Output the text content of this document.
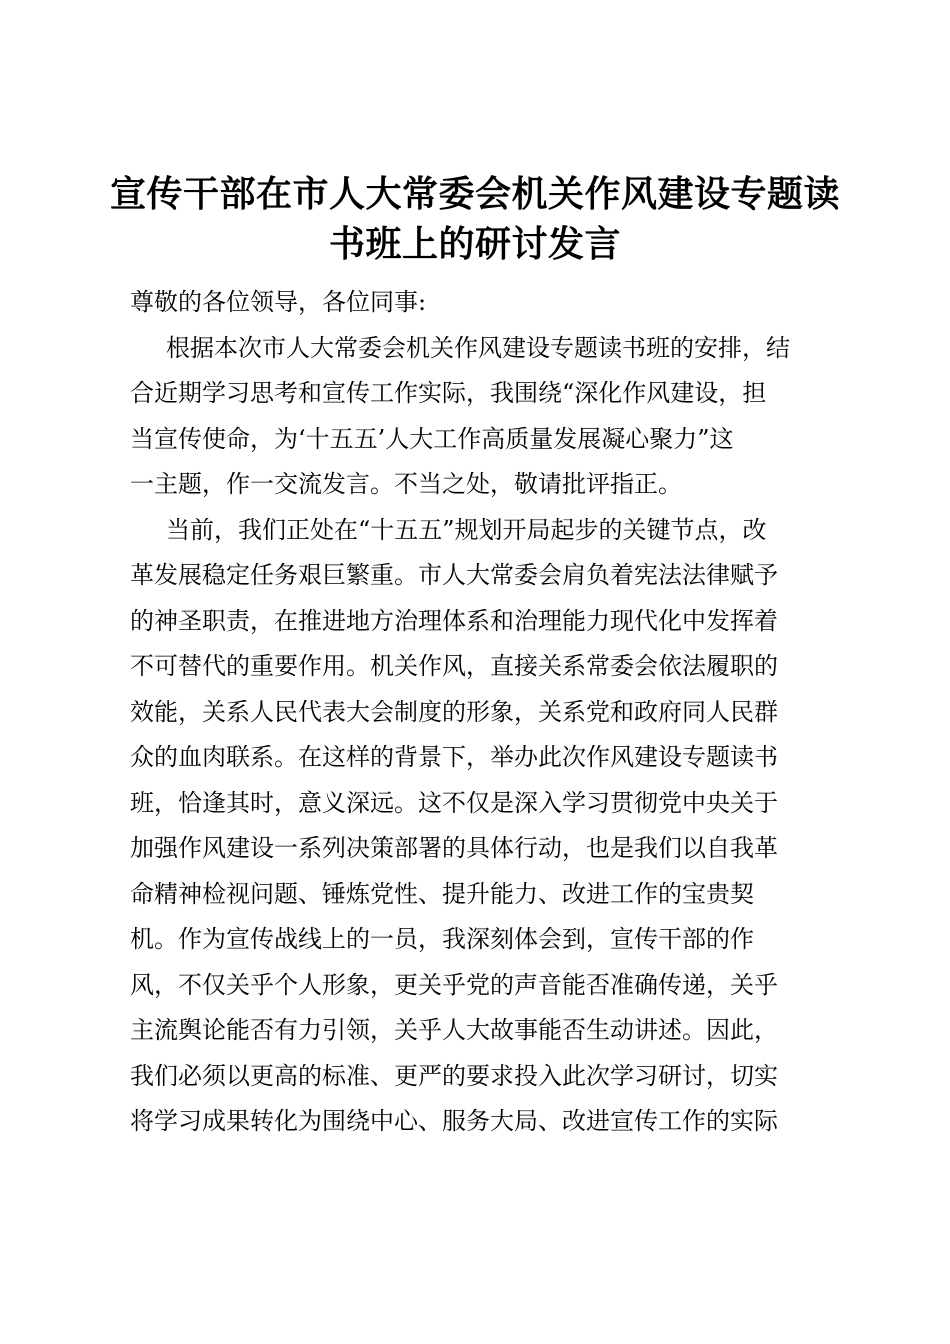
宣传干部在市人大常委会机关作风建设专题读
书班上的研讨发言
尊敬的各位领导，各位同事:
根据本次市人大常委会机关作风建设专题读书班的安排，结
合近期学习思考和宣传工作实际，我围绕“深化作风建设，担
当宣传使命，为‘十五五’人大工作高质量发展凝心聚力”这
一主题，作一交流发言。不当之处，敬请批评指正。
当前，我们正处在“十五五”规划开局起步的关键节点，改
革发展稳定任务艰巨繁重。市人大常委会肩负着宪法法律赋予
的神圣职责，在推进地方治理体系和治理能力现代化中发挥着
不可替代的重要作用。机关作风，直接关系常委会依法履职的
效能，关系人民代表大会制度的形象，关系党和政府同人民群
众的血肉联系。在这样的背景下，举办此次作风建设专题读书
班，恰逢其时，意义深远。这不仅是深入学习贯彻党中央关于
加强作风建设一系列决策部署的具体行动，也是我们以自我革
命精神检视问题、锤炼党性、提升能力、改进工作的宝贵契
机。作为宣传战线上的一员，我深刻体会到，宣传干部的作
风，不仅关乎个人形象，更关乎党的声音能否准确传递，关乎
主流舆论能否有力引领，关乎人大故事能否生动讲述。因此，
我们必须以更高的标准、更严的要求投入此次学习研讨，切实
将学习成果转化为围绕中心、服务大局、改进宣传工作的实际
